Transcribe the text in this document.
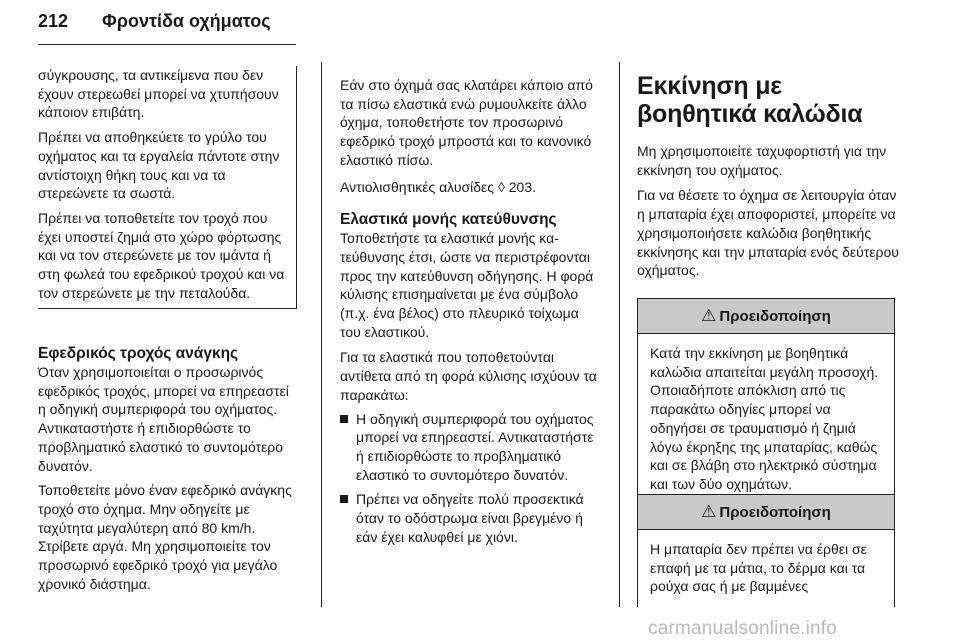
212 Φροντίδα οχήματος

σύγκρουσης, τα αντικείμενα που δεν έχουν στερεωθεί μπορεί να χτυπήσουν κάποιον επιβάτη.

Πρέπει να αποθηκεύετε το γρύλο του οχήματος και τα εργαλεία πάντοτε στην αντίστοιχη θήκη τους και να τα στερεώνετε τα σωστά.

Πρέπει να τοποθετείτε τον τροχό που έχει υποστεί ζημιά στο χώρο φόρτωσης και να τον στερεώνετε με τον ιμάντα ή στη φωλεά του εφεδρικού τροχού και να τον στερεώνετε με την πεταλούδα.

Εφεδρικός τροχός ανάγκης

Όταν χρησιμοποιείται ο προσωρινός εφεδρικός τροχός, μπορεί να επηρεαστεί η οδηγική συμπεριφορά του οχήματος. Αντικαταστήστε ή επιδιορθώστε το προβληματικό ελαστικό το συντομότερο δυνατόν.

Τοποθετείτε μόνο έναν εφεδρικό ανάγκης τροχό στο όχημα. Μην οδηγείτε με ταχύτητα μεγαλύτερη από 80 km/h. Στρίβετε αργά. Μη χρησιμοποιείτε τον προσωρινό εφεδρικό τροχό για μεγάλο χρονικό διάστημα.

Εάν στο όχημά σας κλατάρει κάποιο από τα πίσω ελαστικά ενώ ρυμουλκείτε άλλο όχημα, τοποθετήστε τον προσωρινό εφεδρικό τροχό μπροστά και το κανονικό ελαστικό πίσω.

Αντιολισθητικές αλυσίδες ◊ 203.

Ελαστικά μονής κατεύθυνσης

Τοποθετήστε τα ελαστικά μονής κατεύθυνσης έτσι, ώστε να περιστρέφονται προς την κατεύθυνση οδήγησης. Η φορά κύλισης επισημαίνεται με ένα σύμβολο (π.χ. ένα βέλος) στο πλευρικό τοίχωμα του ελαστικού.

Για τα ελαστικά που τοποθετούνται αντίθετα από τη φορά κύλισης ισχύουν τα παρακάτω:

Η οδηγική συμπεριφορά του οχήματος μπορεί να επηρεαστεί. Αντικαταστήστε ή επιδιορθώστε το προβληματικό ελαστικό το συντομότερο δυνατόν.
Πρέπει να οδηγείτε πολύ προσεκτικά όταν το οδόστρωμα είναι βρεγμένο ή εάν έχει καλυφθεί με χιόνι.
Εκκίνηση με βοηθητικά καλώδια

Μη χρησιμοποιείτε ταχυφορτιστή για την εκκίνηση του οχήματος.

Για να θέσετε το όχημα σε λειτουργία όταν η μπαταρία έχει αποφοριστεί, μπορείτε να χρησιμοποιήσετε καλώδια βοηθητικής εκκίνησης και την μπαταρία ενός δεύτερου οχήματος.

⚠ Προειδοποίηση

Κατά την εκκίνηση με βοηθητικά καλώδια απαιτείται μεγάλη προσοχή. Οποιαδήποτε απόκλιση από τις παρακάτω οδηγίες μπορεί να οδηγήσει σε τραυματισμό ή ζημιά λόγω έκρηξης της μπαταρίας, καθώς και σε βλάβη στο ηλεκτρικό σύστημα και των δύο οχημάτων.

⚠ Προειδοποίηση

Η μπαταρία δεν πρέπει να έρθει σε επαφή με τα μάτια, το δέρμα και τα ρούχα σας ή με βαμμένες

carmanualsonline.info
